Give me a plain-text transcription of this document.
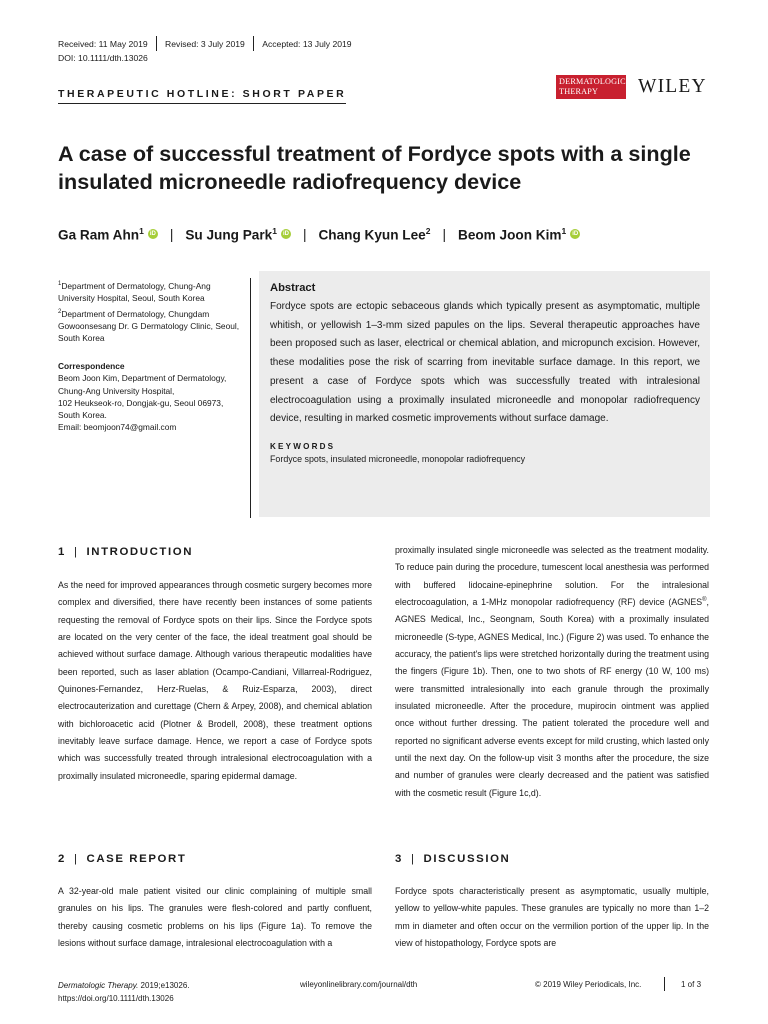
Received: 11 May 2019 Revised: 3 July 2019 Accepted: 13 July 2019
DOI: 10.1111/dth.13026
THERAPEUTIC HOTLINE: SHORT PAPER
DERMATOLOGIC
THERAPY	WILEY
A case of successful treatment of Fordyce spots with a single insulated microneedle radiofrequency device
Ga Ram Ahn$^1$	iD | Su Jung Park$^1$	iD | Chang Kyun Lee$^2$ | Beom Joon Kim$^1$	iD

$^1$Department of Dermatology, Chung-Ang University Hospital, Seoul, South Korea

$^2$Department of Dermatology, Chungdam Gowoonsesang Dr. G Dermatology Clinic, Seoul, South Korea

Correspondence

Beom Joon Kim, Department of Dermatology,

Chung-Ang University Hospital,

102 Heukseok-ro, Dongjak-gu, Seoul 06973,

South Korea.

Email: beomjoon74@gmail.com

Abstract

Fordyce spots are ectopic sebaceous glands which typically present as asymptomatic, multiple whitish, or yellowish 1–3-mm sized papules on the lips. Several therapeutic approaches have been proposed such as laser, electrical or chemical ablation, and micropunch excision. However, these modalities pose the risk of scarring from inevitable surface damage. In this report, we present a case of Fordyce spots which was successfully treated with intralesional electrocoagulation using a proximally insulated microneedle and monopolar radiofrequency device, resulting in marked cosmetic improvements without surface damage.

KEYWORDS

Fordyce spots, insulated microneedle, monopolar radiofrequency

1 | INTRODUCTION

As the need for improved appearances through cosmetic surgery becomes more complex and diversified, there have recently been instances of some patients requesting the removal of Fordyce spots on their lips. Since the Fordyce spots are located on the very center of the face, the ideal treatment goal should be achieved without surface damage. Although various therapeutic modalities have been reported, such as laser ablation (Ocampo-Candiani, Villarreal-Rodriguez, Quinones-Fernandez, Herz-Ruelas, & Ruiz-Esparza, 2003), direct electrocauterization and curettage (Chern & Arpey, 2008), and chemical ablation with bichloroacetic acid (Plotner & Brodell, 2008), these treatment options inevitably leave surface damage. Hence, we report a case of Fordyce spots which was successfully treated through intralesional electrocoagulation with a proximally insulated microneedle, sparing epidermal damage.

2 | CASE REPORT

A 32-year-old male patient visited our clinic complaining of multiple small granules on his lips. The granules were flesh-colored and partly confluent, thereby causing cosmetic problems on his lips (Figure 1a). To remove the lesions without surface damage, intralesional electrocoagulation with a

proximally insulated single microneedle was selected as the treatment modality. To reduce pain during the procedure, tumescent local anesthesia was performed with buffered lidocaine-epinephrine solution. For the intralesional electrocoagulation, a 1-MHz monopolar radiofrequency (RF) device (AGNES®, AGNES Medical, Inc., Seongnam, South Korea) with a proximally insulated microneedle (S-type, AGNES Medical, Inc.) (Figure 2) was used. To enhance the accuracy, the patient's lips were stretched horizontally during the treatment using the fingers (Figure 1b). Then, one to two shots of RF energy (10 W, 100 ms) were transmitted intralesionally into each granule through the proximally insulated microneedle. After the procedure, mupirocin ointment was applied once without further dressing. The patient tolerated the procedure well and reported no significant adverse events except for mild crusting, which lasted only until the next day. On the follow-up visit 3 months after the procedure, the size and number of granules were clearly decreased and the patient was satisfied with the cosmetic result (Figure 1c,d).

3 | DISCUSSION

Fordyce spots characteristically present as asymptomatic, usually multiple, yellow to yellow-white papules. These granules are typically no more than 1–2 mm in diameter and often occur on the vermilion portion of the upper lip. In the view of histopathology, Fordyce spots are

Dermatologic Therapy. 2019;e13026.
https://doi.org/10.1111/dth.13026
wileyonlinelibrary.com/journal/dth	© 2019 Wiley Periodicals, Inc.	1 of 3
